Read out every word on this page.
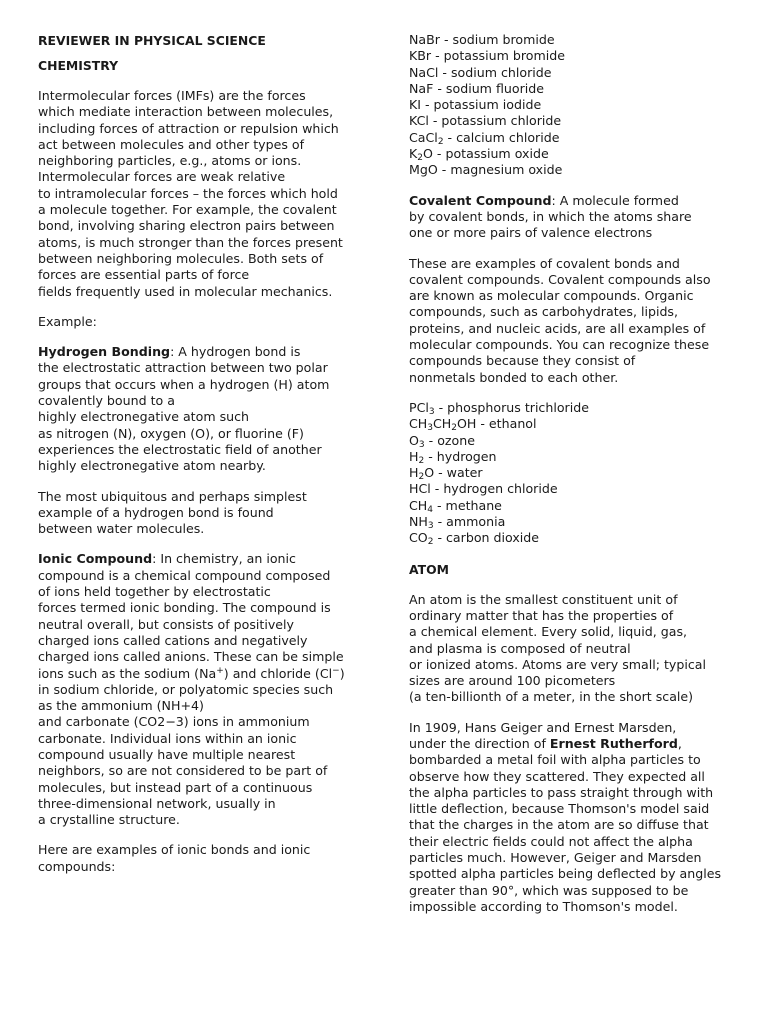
REVIEWER IN PHYSICAL SCIENCE
CHEMISTRY
Intermolecular forces (IMFs) are the forces
which mediate interaction between molecules,
including forces of attraction or repulsion which
act between molecules and other types of
neighboring particles, e.g., atoms or ions.
Intermolecular forces are weak relative
to intramolecular forces – the forces which hold
a molecule together. For example, the covalent
bond, involving sharing electron pairs between
atoms, is much stronger than the forces present
between neighboring molecules. Both sets of
forces are essential parts of force
fields frequently used in molecular mechanics.
Example:
Hydrogen Bonding: A hydrogen bond is
the electrostatic attraction between two polar
groups that occurs when a hydrogen (H) atom
covalently bound to a
highly electronegative atom such
as nitrogen (N), oxygen (O), or fluorine (F)
experiences the electrostatic field of another
highly electronegative atom nearby.
The most ubiquitous and perhaps simplest
example of a hydrogen bond is found
between water molecules.
Ionic Compound: In chemistry, an ionic
compound is a chemical compound composed
of ions held together by electrostatic
forces termed ionic bonding. The compound is
neutral overall, but consists of positively
charged ions called cations and negatively
charged ions called anions. These can be simple
ions such as the sodium (Na+) and chloride (Cl−)
in sodium chloride, or polyatomic species such
as the ammonium (NH+4)
and carbonate (CO2−3) ions in ammonium
carbonate. Individual ions within an ionic
compound usually have multiple nearest
neighbors, so are not considered to be part of
molecules, but instead part of a continuous
three-dimensional network, usually in
a crystalline structure.
Here are examples of ionic bonds and ionic
compounds:
NaBr - sodium bromide
KBr - potassium bromide
NaCl - sodium chloride
NaF - sodium fluoride
KI - potassium iodide
KCl - potassium chloride
CaCl$_2$ - calcium chloride
$K_2O$ - potassium oxide
MgO - magnesium oxide
Covalent Compound: A molecule formed
by covalent bonds, in which the atoms share
one or more pairs of valence electrons
These are examples of covalent bonds and
covalent compounds. Covalent compounds also
are known as molecular compounds. Organic
compounds, such as carbohydrates, lipids,
proteins, and nucleic acids, are all examples of
molecular compounds. You can recognize these
compounds because they consist of
nonmetals bonded to each other.
PCl$_3$ - phosphorus trichloride
$CH_3CH_2OH$ - ethanol
$O_3$ - ozone
$H_2$ - hydrogen
$H_2O$ - water
HCl - hydrogen chloride
$CH_4$ - methane
$NH_3$ - ammonia
$CO_2$ - carbon dioxide
ATOM
An atom is the smallest constituent unit of
ordinary matter that has the properties of
a chemical element. Every solid, liquid, gas,
and plasma is composed of neutral
or ionized atoms. Atoms are very small; typical
sizes are around 100 picometers
(a ten-billionth of a meter, in the short scale)
In 1909, Hans Geiger and Ernest Marsden,
under the direction of Ernest Rutherford,
bombarded a metal foil with alpha particles to
observe how they scattered. They expected all
the alpha particles to pass straight through with
little deflection, because Thomson's model said
that the charges in the atom are so diffuse that
their electric fields could not affect the alpha
particles much. However, Geiger and Marsden
spotted alpha particles being deflected by angles
greater than 90°, which was supposed to be
impossible according to Thomson's model.
